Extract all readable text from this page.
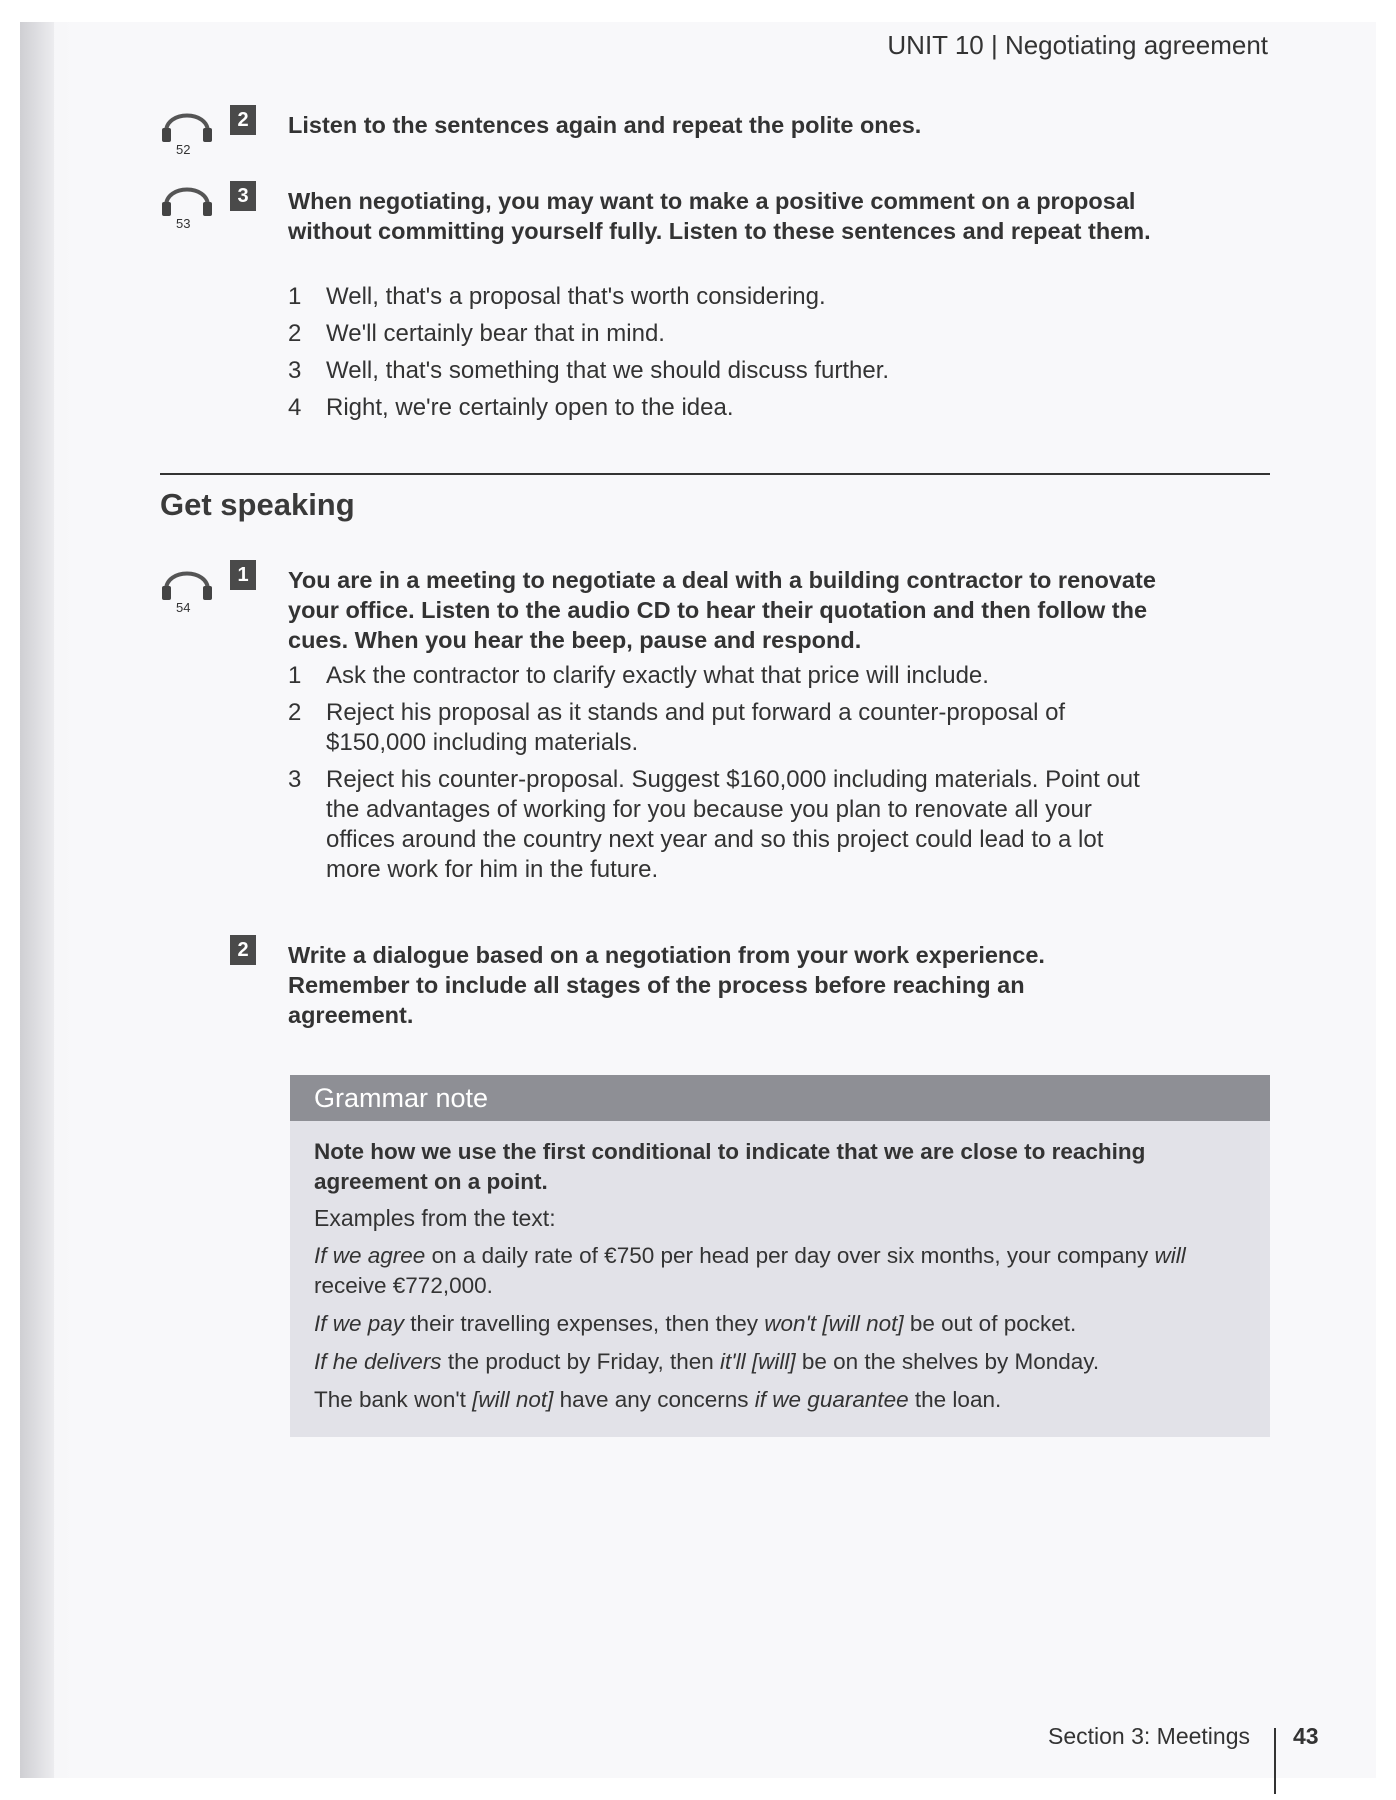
UNIT 10 | Negotiating agreement
52
2	Listen to the sentences again and repeat the polite ones.
53
3	When negotiating, you may want to make a positive comment on a proposal without committing yourself fully. Listen to these sentences and repeat them.
1	Well, that's a proposal that's worth considering.
2	We'll certainly bear that in mind.
3	Well, that's something that we should discuss further.
4	Right, we're certainly open to the idea.
Get speaking
54
1	You are in a meeting to negotiate a deal with a building contractor to renovate your office. Listen to the audio CD to hear their quotation and then follow the cues. When you hear the beep, pause and respond.
1	Ask the contractor to clarify exactly what that price will include.
2	Reject his proposal as it stands and put forward a counter-proposal of $150,000 including materials.
3	Reject his counter-proposal. Suggest $160,000 including materials. Point out the advantages of working for you because you plan to renovate all your offices around the country next year and so this project could lead to a lot more work for him in the future.
2	Write a dialogue based on a negotiation from your work experience. Remember to include all stages of the process before reaching an agreement.
Grammar note
Note how we use the first conditional to indicate that we are close to reaching agreement on a point.
Examples from the text:
If we agree on a daily rate of €750 per head per day over six months, your company will receive €772,000.
If we pay their travelling expenses, then they won't [will not] be out of pocket.
If he delivers the product by Friday, then it'll [will] be on the shelves by Monday.
The bank won't [will not] have any concerns if we guarantee the loan.
Section 3: Meetings 43
